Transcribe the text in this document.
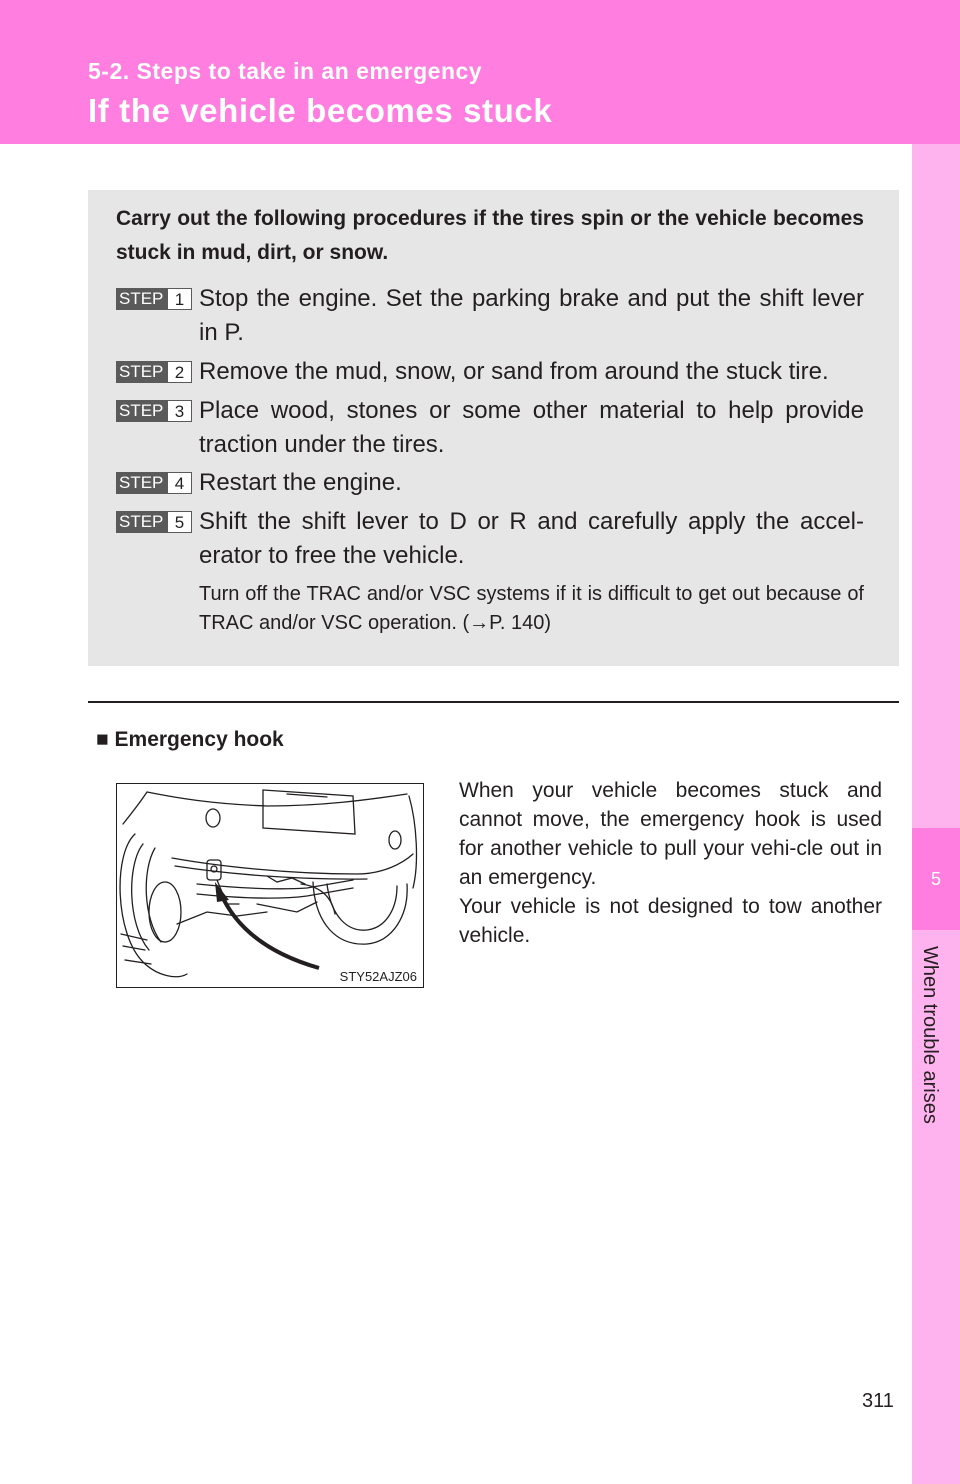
5-2. Steps to take in an emergency
If the vehicle becomes stuck
5
When trouble arises
Carry out the following procedures if the tires spin or the vehicle becomes stuck in mud, dirt, or snow.
STEP 1 Stop the engine. Set the parking brake and put the shift lever in P.
STEP 2 Remove the mud, snow, or sand from around the stuck tire.
STEP 3 Place wood, stones or some other material to help provide traction under the tires.
STEP 4 Restart the engine.
STEP 5 Shift the shift lever to D or R and carefully apply the accel-erator to free the vehicle.
Turn off the TRAC and/or VSC systems if it is difficult to get out because of TRAC and/or VSC operation. (→P. 140)
■ Emergency hook
STY52AJZ06

When your vehicle becomes stuck and cannot move, the emergency hook is used for another vehicle to pull your vehi-cle out in an emergency.

Your vehicle is not designed to tow another vehicle.

311
